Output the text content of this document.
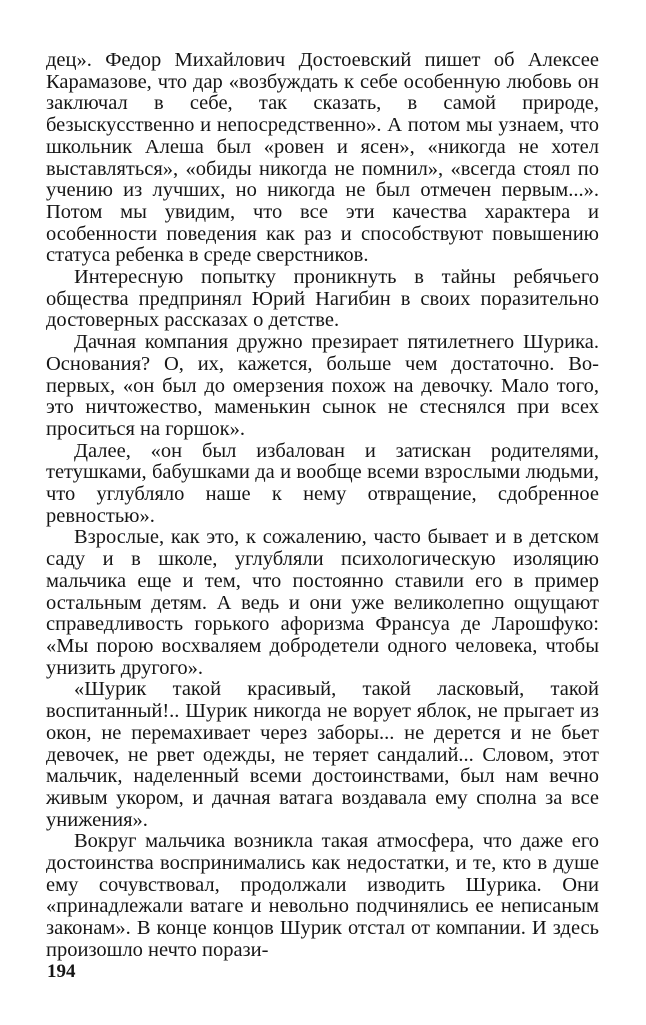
дец». Федор Михайлович Достоевский пишет об Алексее Карамазове, что дар «возбуждать к себе особенную любовь он заключал в себе, так сказать, в самой природе, безыскусственно и непосредственно». А потом мы узнаем, что школьник Алеша был «ровен и ясен», «никогда не хотел выставляться», «обиды никогда не помнил», «всегда стоял по учению из лучших, но никогда не был отмечен первым...». Потом мы увидим, что все эти качества характера и особенности поведения как раз и способствуют повышению статуса ребенка в среде сверстников.

Интересную попытку проникнуть в тайны ребячьего общества предпринял Юрий Нагибин в своих поразительно достоверных рассказах о детстве.

Дачная компания дружно презирает пятилетнего Шурика. Основания? О, их, кажется, больше чем достаточно. Во-первых, «он был до омерзения похож на девочку. Мало того, это ничтожество, маменькин сынок не стеснялся при всех проситься на горшок».

Далее, «он был избалован и затискан родителями, тетушками, бабушками да и вообще всеми взрослыми людьми, что углубляло наше к нему отвращение, сдобренное ревностью».

Взрослые, как это, к сожалению, часто бывает и в детском саду и в школе, углубляли психологическую изоляцию мальчика еще и тем, что постоянно ставили его в пример остальным детям. А ведь и они уже великолепно ощущают справедливость горького афоризма Франсуа де Ларошфуко: «Мы порою восхваляем добродетели одного человека, чтобы унизить другого».

«Шурик такой красивый, такой ласковый, такой воспитанный!.. Шурик никогда не ворует яблок, не прыгает из окон, не перемахивает через заборы... не дерется и не бьет девочек, не рвет одежды, не теряет сандалий... Словом, этот мальчик, наделенный всеми достоинствами, был нам вечно живым укором, и дачная ватага воздавала ему сполна за все унижения».

Вокруг мальчика возникла такая атмосфера, что даже его достоинства воспринимались как недостатки, и те, кто в душе ему сочувствовал, продолжали изводить Шурика. Они «принадлежали ватаге и невольно подчинялись ее неписаным законам». В конце концов Шурик отстал от компании. И здесь произошло нечто порази-

194
